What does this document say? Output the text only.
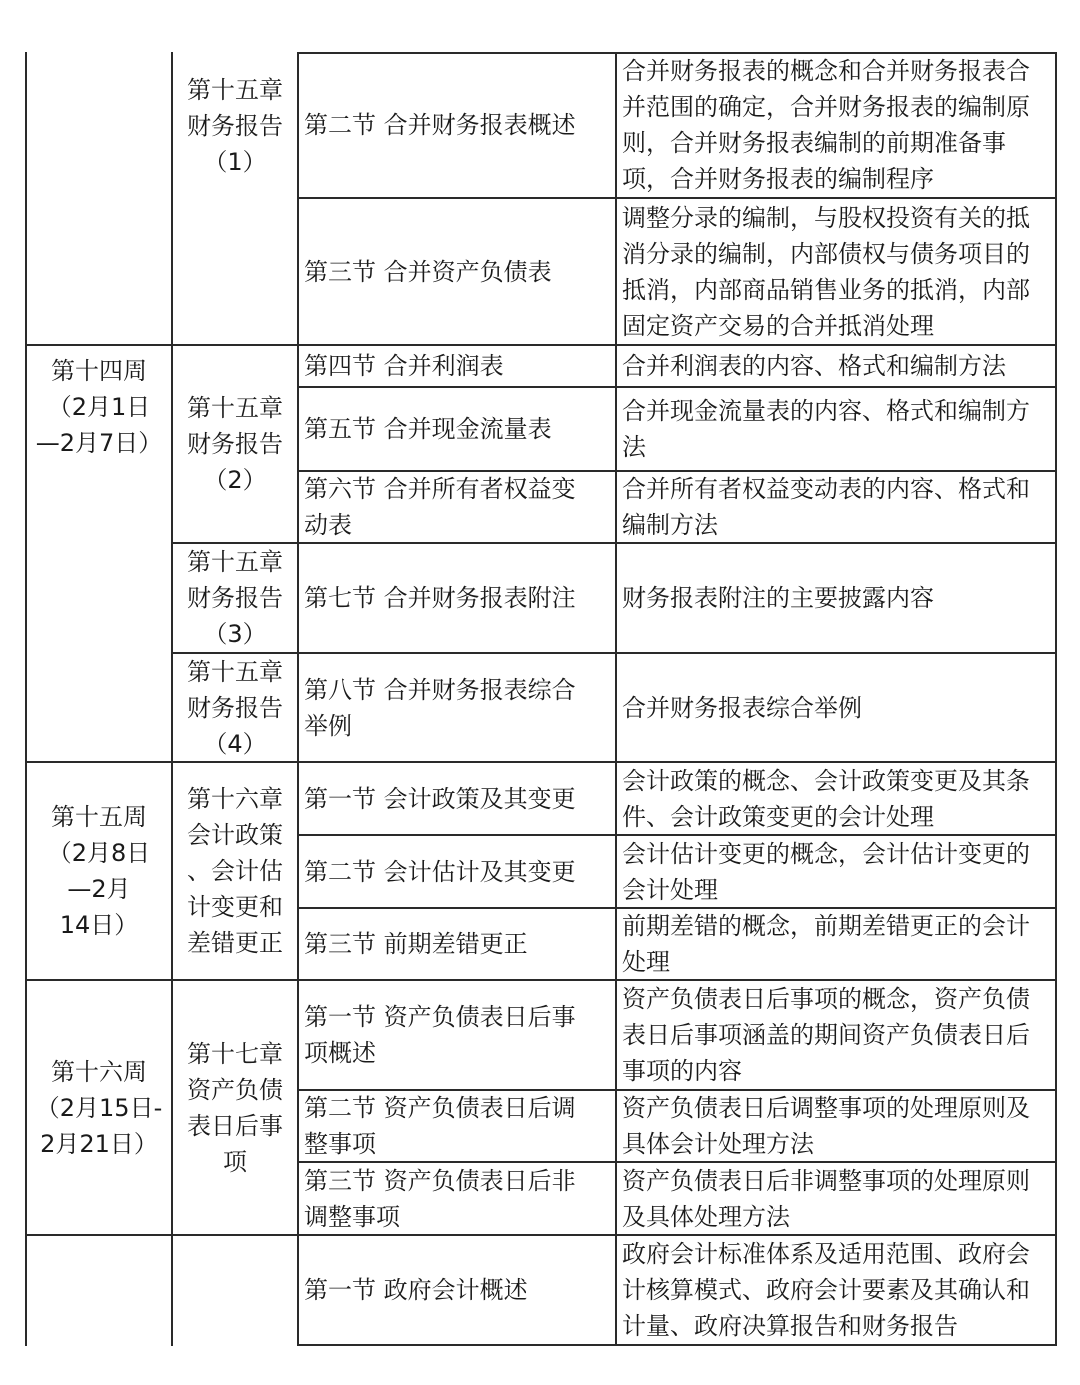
第十四周
（2月1日
—2月7日）
第十五周
（2月8日
—2月
14日）
第十六周
（2月15日-
2月21日）
第十五章
财务报告
（1）
第十五章
财务报告
（2）
第十五章
财务报告
（3）
第十五章
财务报告
（4）
第十六章
会计政策
、会计估
计变更和
差错更正
第十七章
资产负债
表日后事
项
第二节 合并财务报表概述
第三节 合并资产负债表
第四节 合并利润表
第五节 合并现金流量表
第六节 合并所有者权益变
动表
第七节 合并财务报表附注
第八节 合并财务报表综合
举例
第一节 会计政策及其变更
第二节 会计估计及其变更
第三节 前期差错更正
第一节 资产负债表日后事
项概述
第二节 资产负债表日后调
整事项
第三节 资产负债表日后非
调整事项
第一节 政府会计概述
合并财务报表的概念和合并财务报表合
并范围的确定，合并财务报表的编制原
则，合并财务报表编制的前期准备事
项，合并财务报表的编制程序
调整分录的编制，与股权投资有关的抵
消分录的编制，内部债权与债务项目的
抵消，内部商品销售业务的抵消，内部
固定资产交易的合并抵消处理
合并利润表的内容、格式和编制方法
合并现金流量表的内容、格式和编制方
法
合并所有者权益变动表的内容、格式和
编制方法
财务报表附注的主要披露内容
合并财务报表综合举例
会计政策的概念、会计政策变更及其条
件、会计政策变更的会计处理
会计估计变更的概念，会计估计变更的
会计处理
前期差错的概念，前期差错更正的会计
处理
资产负债表日后事项的概念，资产负债
表日后事项涵盖的期间资产负债表日后
事项的内容
资产负债表日后调整事项的处理原则及
具体会计处理方法
资产负债表日后非调整事项的处理原则
及具体处理方法
政府会计标准体系及适用范围、政府会
计核算模式、政府会计要素及其确认和
计量、政府决算报告和财务报告
